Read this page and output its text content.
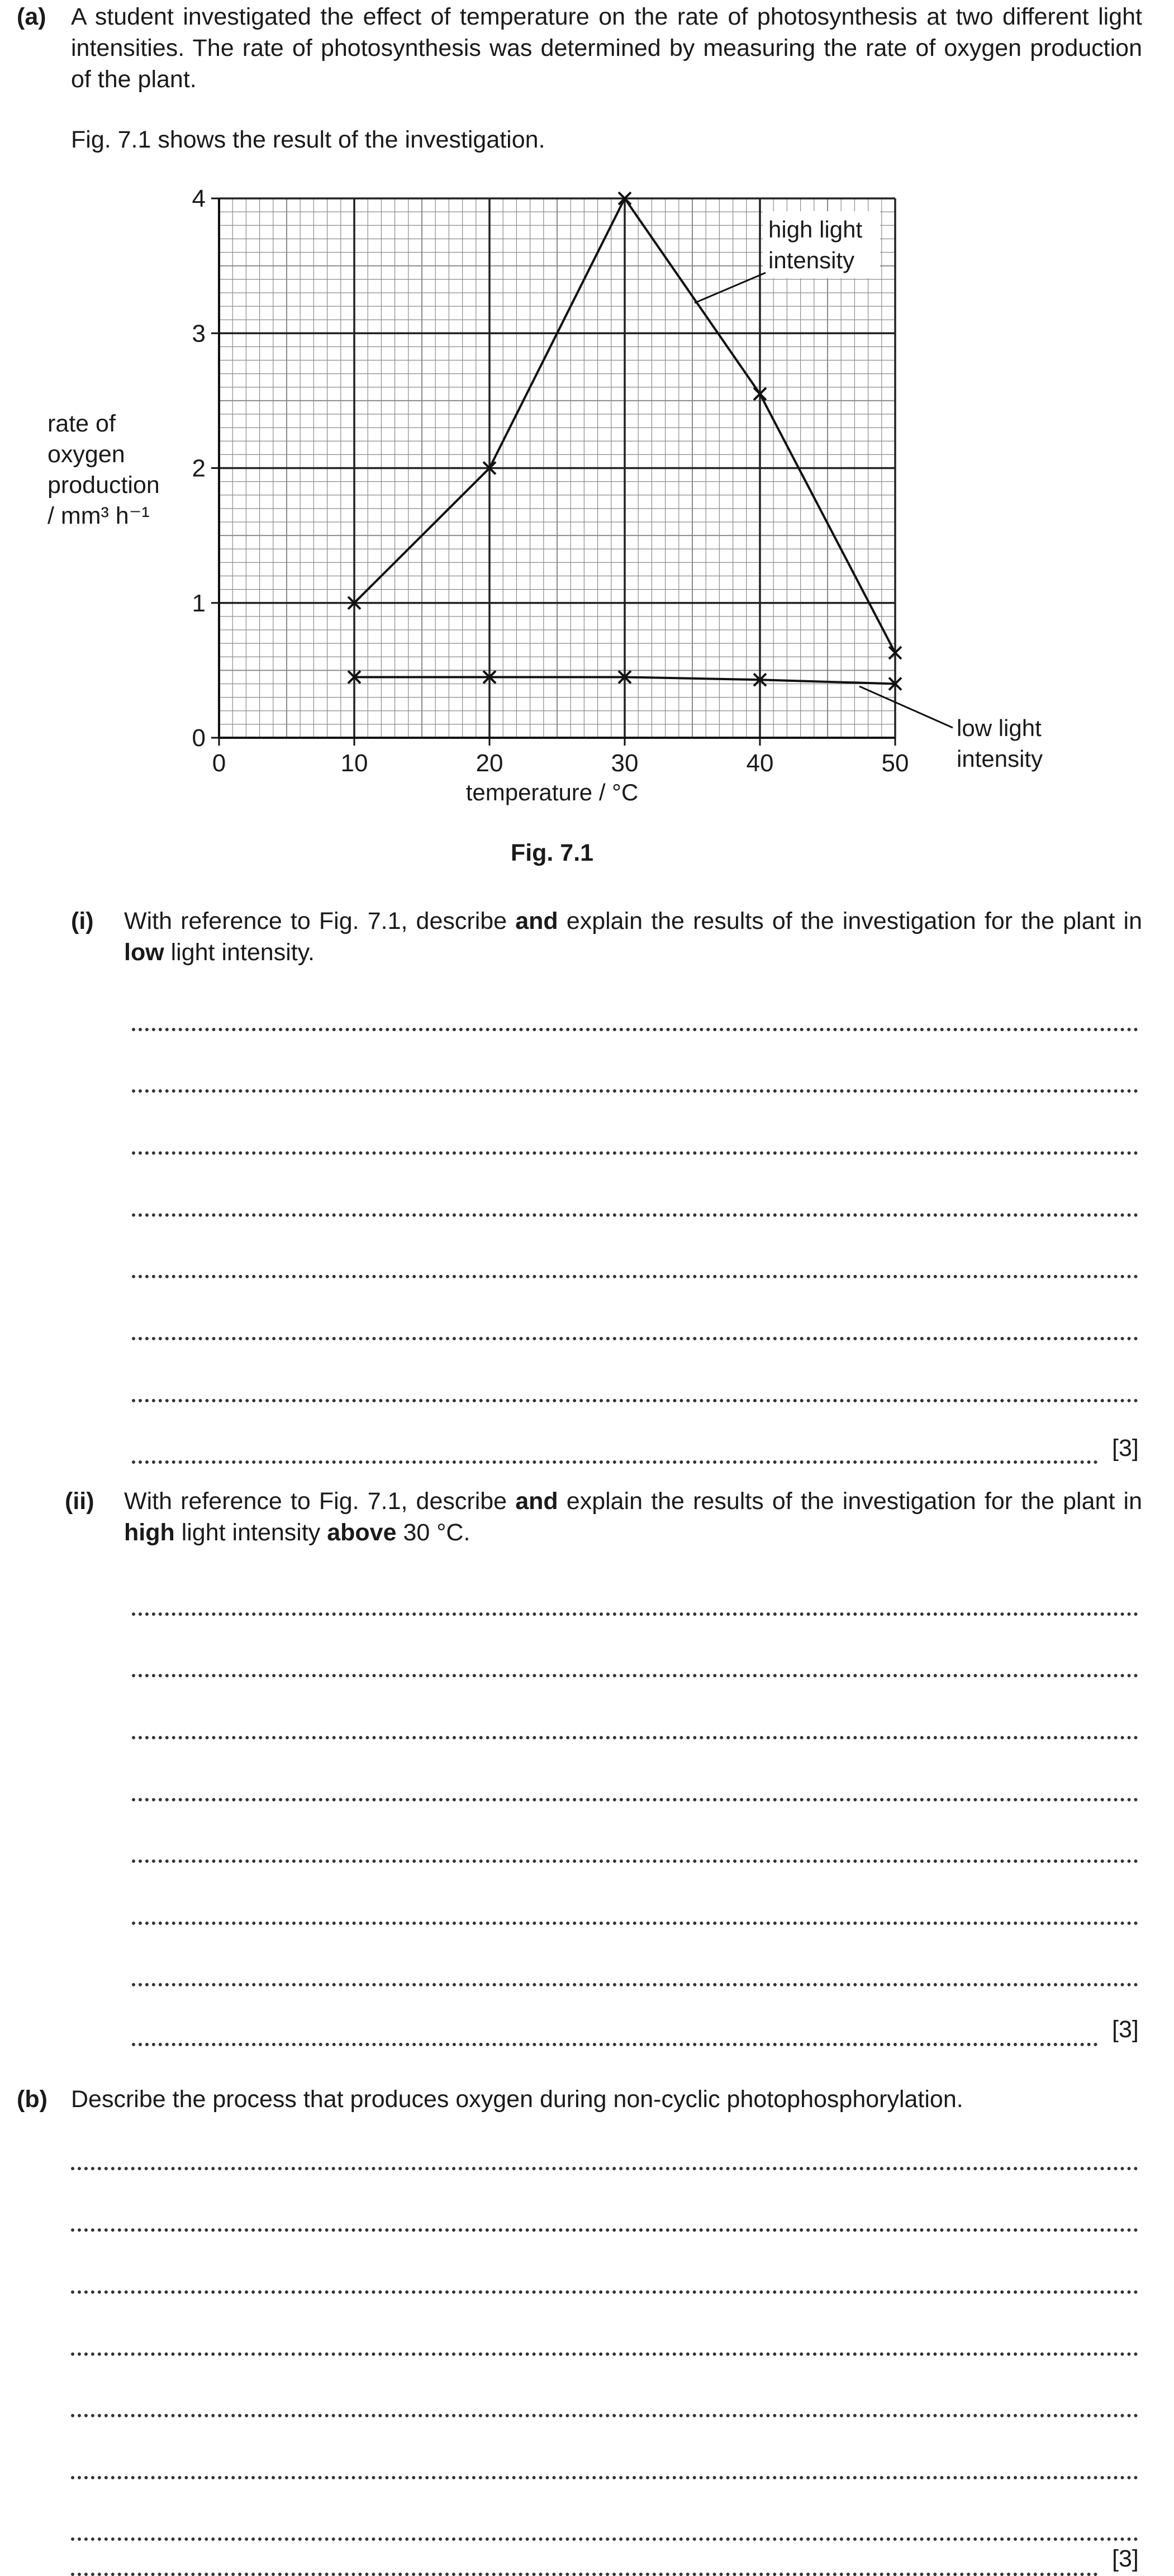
(a) A student investigated the effect of temperature on the rate of photosynthesis at two different light intensities. The rate of photosynthesis was determined by measuring the rate of oxygen production of the plant.
Fig. 7.1 shows the result of the investigation.
0	10	20	30	40	50
0
1
2
3
4
high light
intensity
low light
intensity
temperature / °C
rate of
oxygen
production
/ mm³ h⁻¹
Fig. 7.1
(i) With reference to Fig. 7.1, describe and explain the results of the investigation for the plant in low light intensity.
[3]
(ii) With reference to Fig. 7.1, describe and explain the results of the investigation for the plant in high light intensity above 30 °C.
[3]
(b) Describe the process that produces oxygen during non-cyclic photophosphorylation.
[3]
